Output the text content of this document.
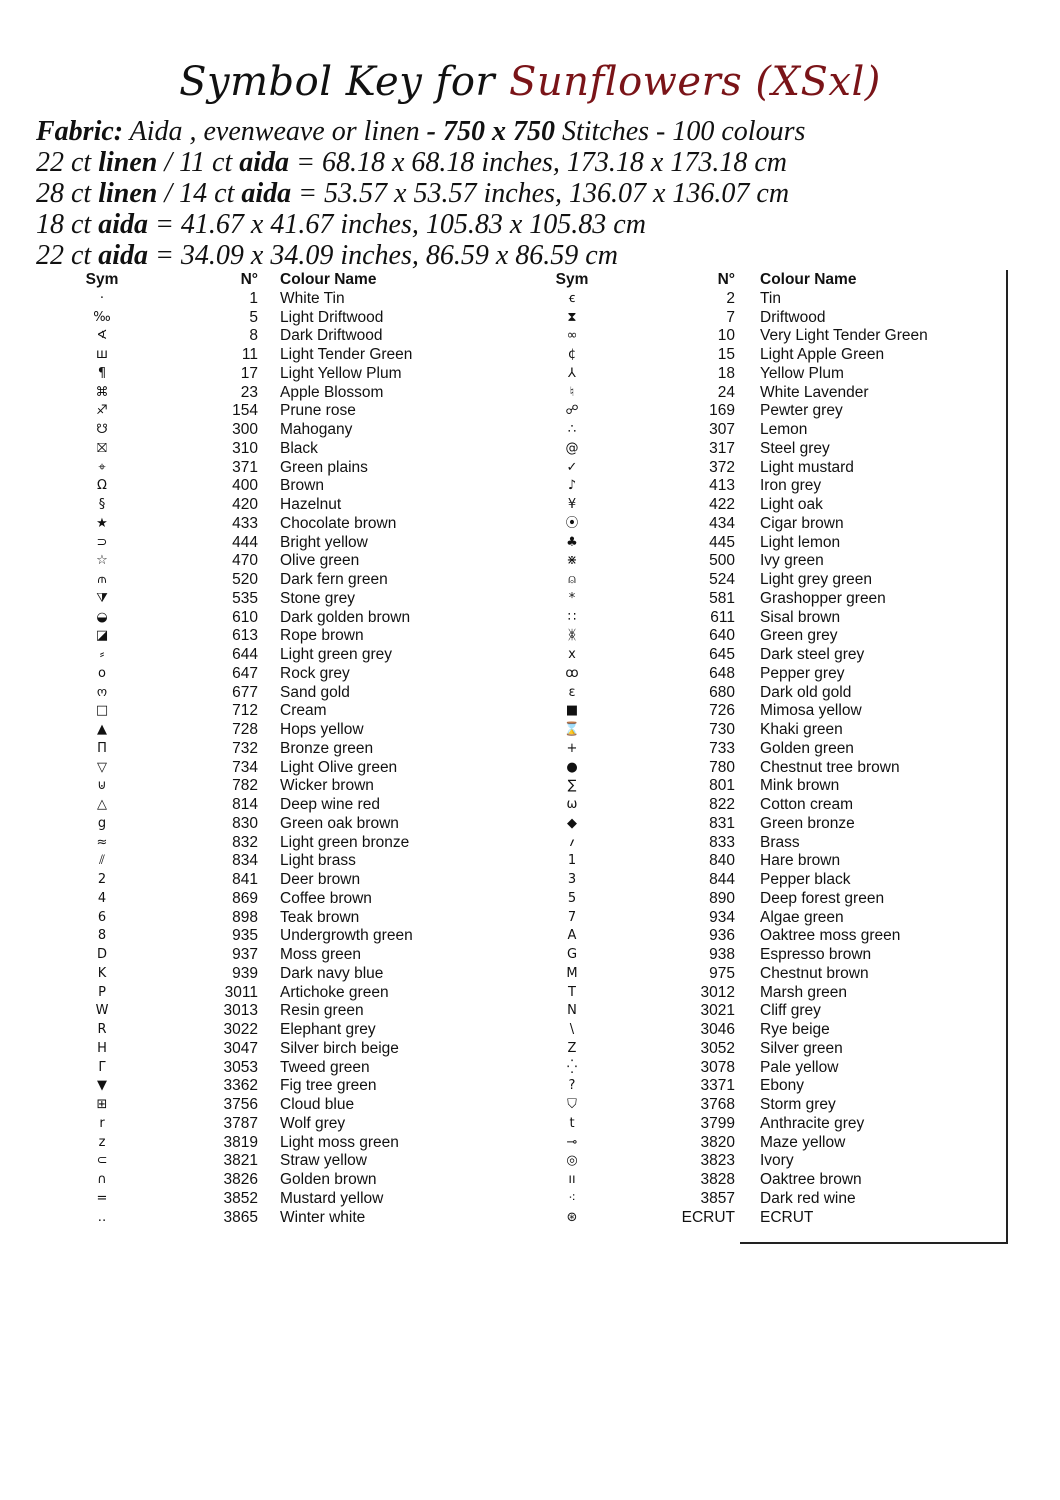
Symbol Key for Sunflowers (XSxl)
Fabric: Aida , evenweave or linen - 750 x 750 Stitches - 100 colours
22 ct linen / 11 ct aida = 68.18 x 68.18 inches, 173.18 x 173.18 cm
28 ct linen / 14 ct aida = 53.57 x 53.57 inches, 136.07 x 136.07 cm
18 ct aida = 41.67 x 41.67 inches, 105.83 x 105.83 cm
22 ct aida = 34.09 x 34.09 inches, 86.59 x 86.59 cm
Sym	N° Colour Name
·	1 White Tin
‰	5 Light Driftwood
∢	8 Dark Driftwood
ш	11 Light Tender Green
¶	17 Light Yellow Plum
⌘	23 Apple Blossom
♐	154 Prune rose
☋	300 Mahogany
⛝	310 Black
⌖	371 Green plains
Ω	400 Brown
§	420 Hazelnut
★	433 Chocolate brown
⊃	444 Bright yellow
☆	470 Olive green
⫙	520 Dark fern green
⧩	535 Stone grey
◒	610 Dark golden brown
◪	613 Rope brown
⸗	644 Light green grey
o	647 Rock grey
ო	677 Sand gold
□	712 Cream
▲	728 Hops yellow
Π	732 Bronze green
▽	734 Light Olive green
⊍	782 Wicker brown
△	814 Deep wine red
g	830 Green oak brown
≈	832 Light green bronze
⫽	834 Light brass
2	841 Deer brown
4	869 Coffee brown
6	898 Teak brown
8	935 Undergrowth green
D	937 Moss green
K	939 Dark navy blue
P	3011 Artichoke green
W	3013 Resin green
R	3022 Elephant grey
H	3047 Silver birch beige
Γ	3053 Tweed green
▼	3362 Fig tree green
⊞	3756 Cloud blue
r	3787 Wolf grey
z	3819 Light moss green
⊂	3821 Straw yellow
∩	3826 Golden brown
=	3852 Mustard yellow
‥	3865 Winter white
Sym	N° Colour Name
ꞓ	2 Tin
⧗	7 Driftwood
∞	10 Very Light Tender Green
¢	15 Light Apple Green
⅄	18 Yellow Plum
♮	24 White Lavender
☍	169 Pewter grey
∴	307 Lemon
@	317 Steel grey
✓	372 Light mustard
♪	413 Iron grey
¥	422 Light oak
⦿	434 Cigar brown
♣	445 Light lemon
⋇	500 Ivy green
⍝	524 Light grey green
*	581 Grashopper green
∷	611 Sisal brown
ᛤ	640 Green grey
x	645 Dark steel grey
ꝏ	648 Pepper grey
ɛ	680 Dark old gold
■	726 Mimosa yellow
⌛	730 Khaki green
+	733 Golden green
●	780 Chestnut tree brown
∑	801 Mink brown
ω	822 Cotton cream
◆	831 Green bronze
؍	833 Brass
1	840 Hare brown
3	844 Pepper black
5	890 Deep forest green
7	934 Algae green
A	936 Oaktree moss green
G	938 Espresso brown
M	975 Chestnut brown
T	3012 Marsh green
N	3021 Cliff grey
\	3046 Rye beige
Z	3052 Silver green
⁛	3078 Pale yellow
?	3371 Ebony
⛉	3768 Storm grey
t	3799 Anthracite grey
⊸	3820 Maze yellow
◎	3823 Ivory
ıı	3828 Oaktree brown
⁖	3857 Dark red wine
⊛	ECRUT ECRUT
